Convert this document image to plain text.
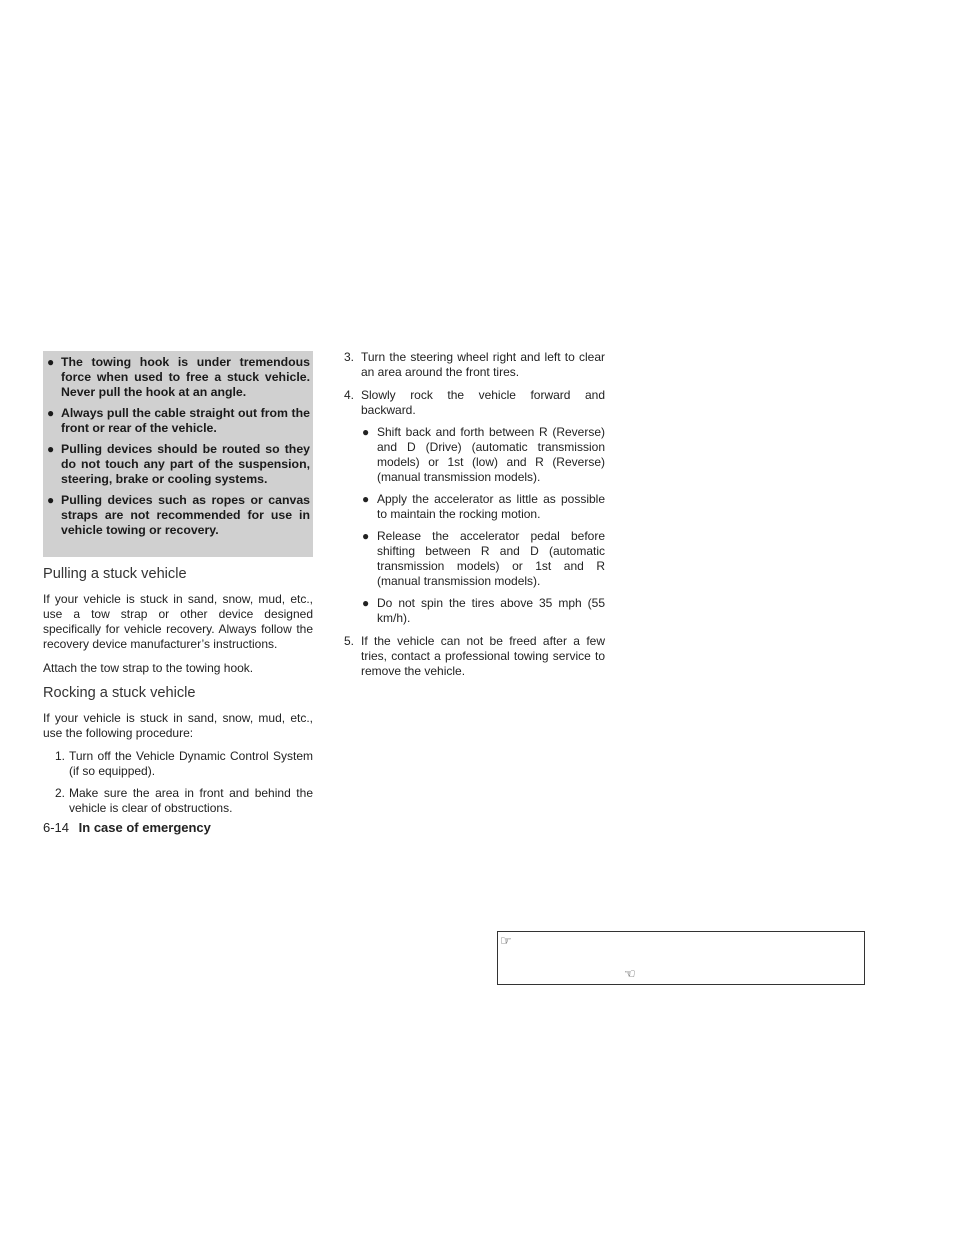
● The towing hook is under tremendous force when used to free a stuck vehicle. Never pull the hook at an angle.
● Always pull the cable straight out from the front or rear of the vehicle.
● Pulling devices should be routed so they do not touch any part of the suspension, steering, brake or cooling systems.
● Pulling devices such as ropes or canvas straps are not recommended for use in vehicle towing or recovery.
Pulling a stuck vehicle

If your vehicle is stuck in sand, snow, mud, etc., use a tow strap or other device designed specifically for vehicle recovery. Always follow the recovery device manufacturer’s instructions.

Attach the tow strap to the towing hook.

Rocking a stuck vehicle

If your vehicle is stuck in sand, snow, mud, etc., use the following procedure:

1. Turn off the Vehicle Dynamic Control System (if so equipped).
2. Make sure the area in front and behind the vehicle is clear of obstructions.
3. Turn the steering wheel right and left to clear an area around the front tires.
4. Slowly rock the vehicle forward and backward.
● Shift back and forth between R (Reverse) and D (Drive) (automatic transmission models) or 1st (low) and R (Reverse) (manual transmission models).
● Apply the accelerator as little as possible to maintain the rocking motion.
● Release the accelerator pedal before shifting between R and D (automatic transmission models) or 1st and R (manual transmission models).
● Do not spin the tires above 35 mph (55 km/h).
5. If the vehicle can not be freed after a few tries, contact a professional towing service to remove the vehicle.
6-14 In case of emergency
☞
☜
